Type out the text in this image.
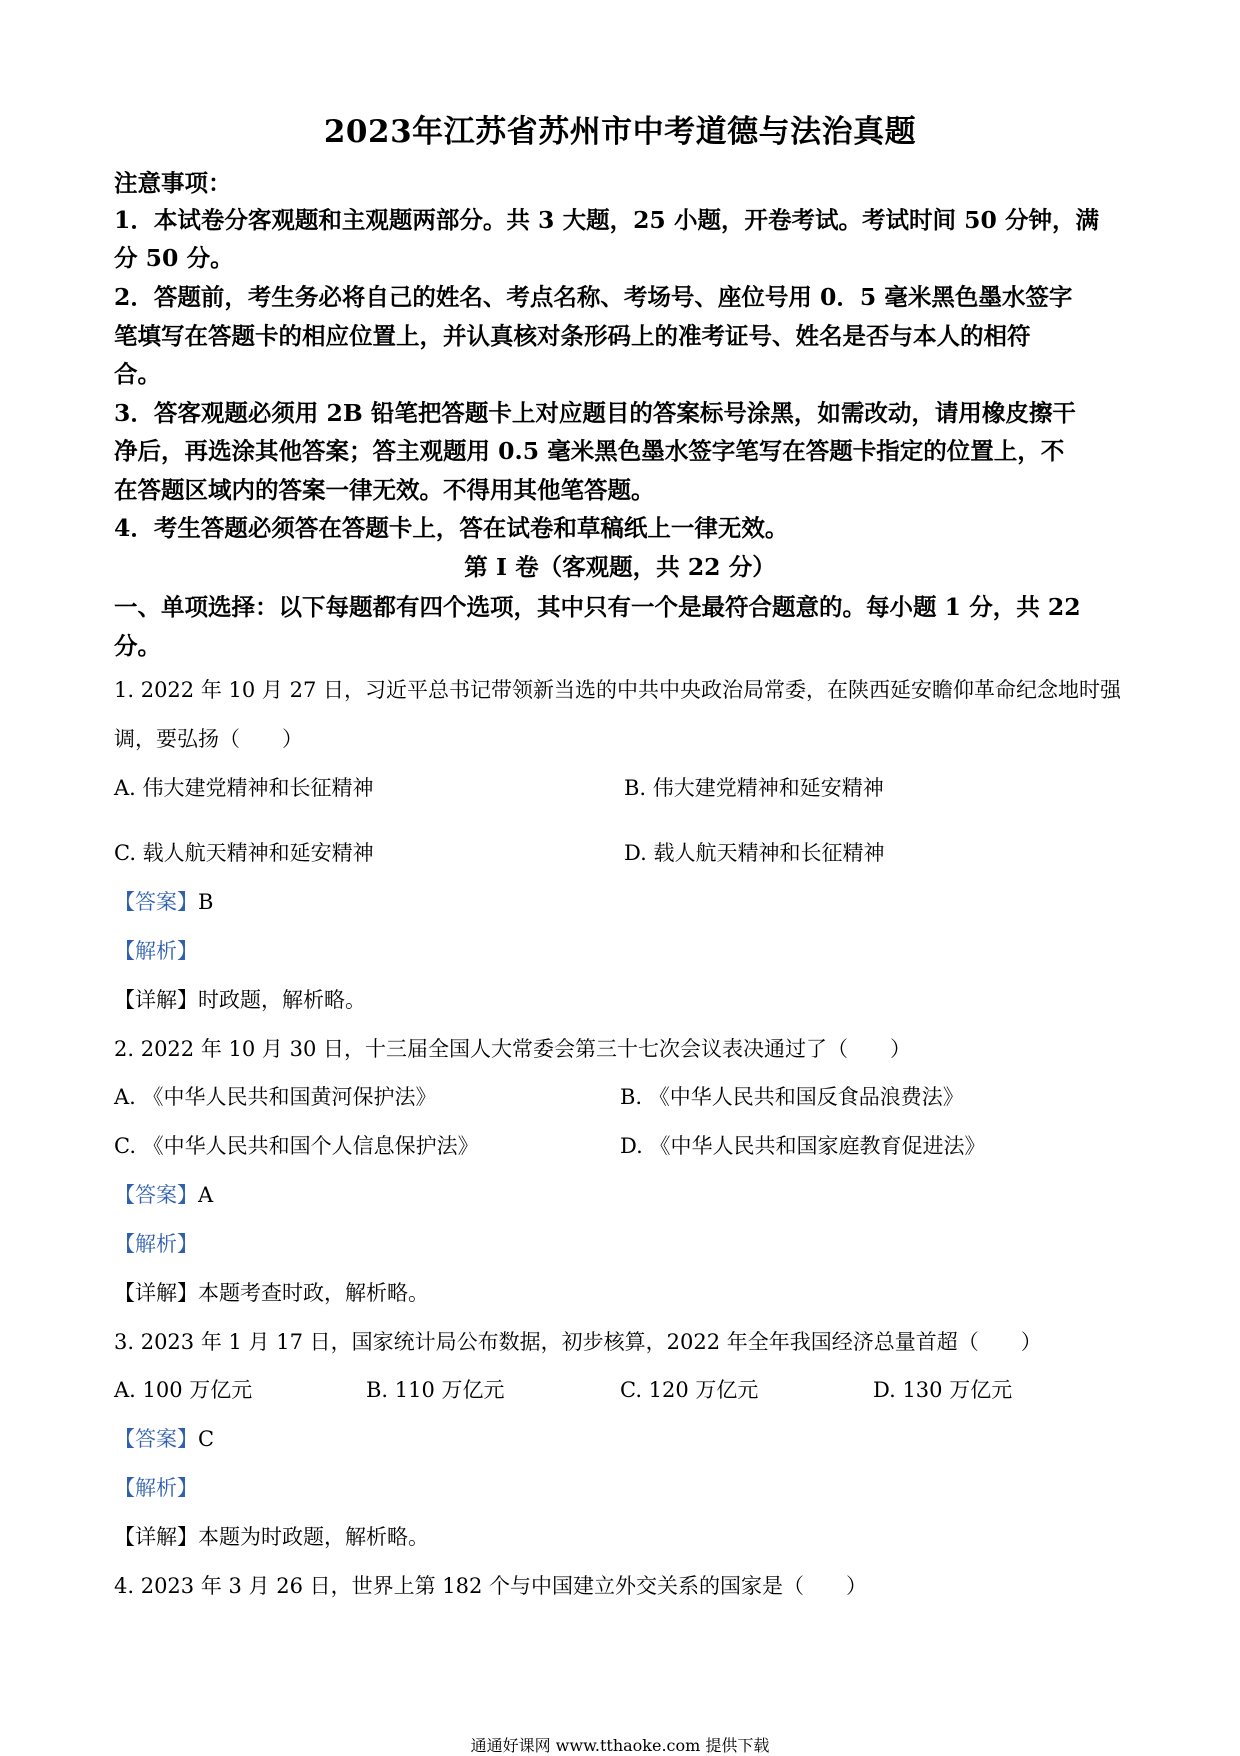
2023年江苏省苏州市中考道德与法治真题
注意事项：
1．本试卷分客观题和主观题两部分。共 3 大题，25 小题，开卷考试。考试时间 50 分钟，满
分 50 分。
2．答题前，考生务必将自己的姓名、考点名称、考场号、座位号用 0．5 毫米黑色墨水签字
笔填写在答题卡的相应位置上，并认真核对条形码上的准考证号、姓名是否与本人的相符
合。
3．答客观题必须用 2B 铅笔把答题卡上对应题目的答案标号涂黑，如需改动，请用橡皮擦干
净后，再选涂其他答案；答主观题用 0.5 毫米黑色墨水签字笔写在答题卡指定的位置上，不
在答题区域内的答案一律无效。不得用其他笔答题。
4．考生答题必须答在答题卡上，答在试卷和草稿纸上一律无效。
第 I 卷（客观题，共 22 分）
一、单项选择：以下每题都有四个选项，其中只有一个是最符合题意的。每小题 1 分，共 22
分。
1. 2022 年 10 月 27 日，习近平总书记带领新当选的中共中央政治局常委，在陕西延安瞻仰革命纪念地时强
调，要弘扬（　　）
A. 伟大建党精神和长征精神	B. 伟大建党精神和延安精神
C. 载人航天精神和延安精神	D. 载人航天精神和长征精神
【答案】B
【解析】
【详解】时政题，解析略。
2. 2022 年 10 月 30 日，十三届全国人大常委会第三十七次会议表决通过了（　　）
A. 《中华人民共和国黄河保护法》	B. 《中华人民共和国反食品浪费法》
C. 《中华人民共和国个人信息保护法》	D. 《中华人民共和国家庭教育促进法》
【答案】A
【解析】
【详解】本题考查时政，解析略。
3. 2023 年 1 月 17 日，国家统计局公布数据，初步核算，2022 年全年我国经济总量首超（　　）
A. 100 万亿元	B. 110 万亿元	C. 120 万亿元	D. 130 万亿元
【答案】C
【解析】
【详解】本题为时政题，解析略。
4. 2023 年 3 月 26 日，世界上第 182 个与中国建立外交关系的国家是（　　）
通通好课网 www.tthaoke.com 提供下载
